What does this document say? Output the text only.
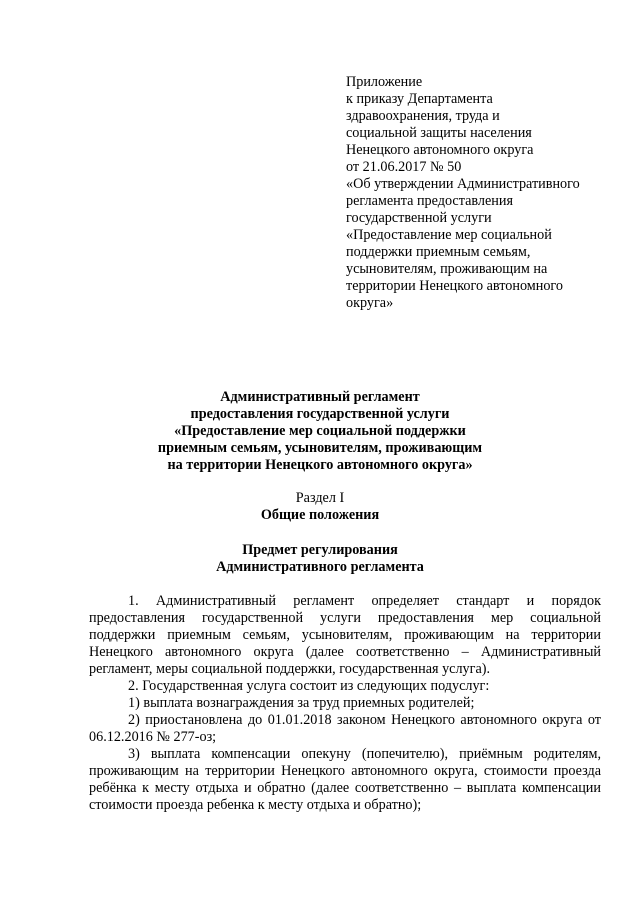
Приложение
к приказу Департамента
здравоохранения, труда и
социальной защиты населения
Ненецкого автономного округа
от 21.06.2017 № 50
«Об утверждении Административного
регламента предоставления
государственной услуги
«Предоставление мер социальной
поддержки приемным семьям,
усыновителям, проживающим на
территории Ненецкого автономного
округа»
Административный регламент
предоставления государственной услуги
«Предоставление мер социальной поддержки
приемным семьям, усыновителям, проживающим
на территории Ненецкого автономного округа»
Раздел I
Общие положения
Предмет регулирования
Административного регламента

1. Административный регламент определяет стандарт и порядок предоставления государственной услуги предоставления мер социальной поддержки приемным семьям, усыновителям, проживающим на территории Ненецкого автономного округа (далее соответственно – Административный регламент, меры социальной поддержки, государственная услуга).

2. Государственная услуга состоит из следующих подуслуг:

1) выплата вознаграждения за труд приемных родителей;

2) приостановлена до 01.01.2018 законом Ненецкого автономного округа от 06.12.2016 № 277-оз;

3) выплата компенсации опекуну (попечителю), приёмным родителям, проживающим на территории Ненецкого автономного округа, стоимости проезда ребёнка к месту отдыха и обратно (далее соответственно – выплата компенсации стоимости проезда ребенка к месту отдыха и обратно);
